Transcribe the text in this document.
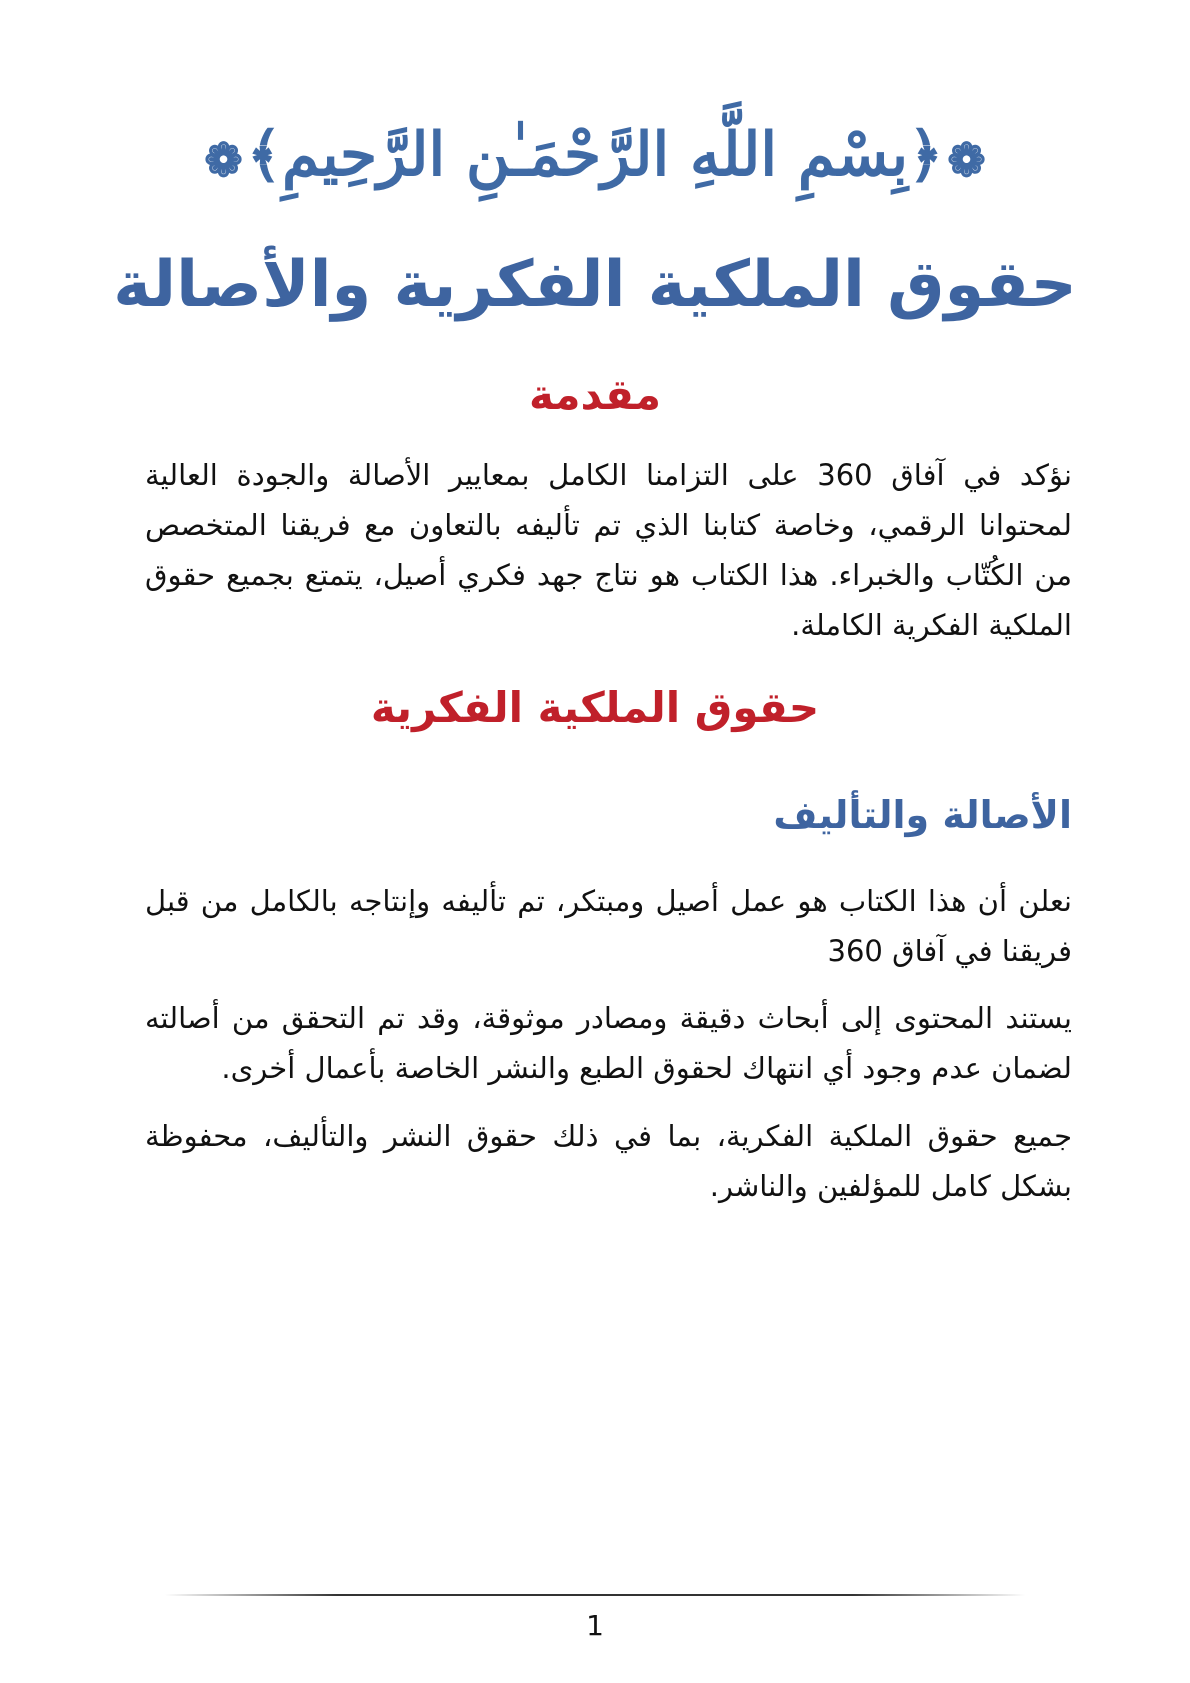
❁﴿بِسْمِ اللَّهِ الرَّحْمَـٰنِ الرَّحِيمِ﴾❁
حقوق الملكية الفكرية والأصالة
مقدمة

نؤكد في آفاق 360 على التزامنا الكامل بمعايير الأصالة والجودة العالية لمحتوانا الرقمي، وخاصة كتابنا الذي تم تأليفه بالتعاون مع فريقنا المتخصص من الكُتّاب والخبراء. هذا الكتاب هو نتاج جهد فكري أصيل، يتمتع بجميع حقوق الملكية الفكرية الكاملة.

حقوق الملكية الفكرية
الأصالة والتأليف

نعلن أن هذا الكتاب هو عمل أصيل ومبتكر، تم تأليفه وإنتاجه بالكامل من قبل فريقنا في آفاق 360

يستند المحتوى إلى أبحاث دقيقة ومصادر موثوقة، وقد تم التحقق من أصالته لضمان عدم وجود أي انتهاك لحقوق الطبع والنشر الخاصة بأعمال أخرى.

جميع حقوق الملكية الفكرية، بما في ذلك حقوق النشر والتأليف، محفوظة بشكل كامل للمؤلفين والناشر.

1
